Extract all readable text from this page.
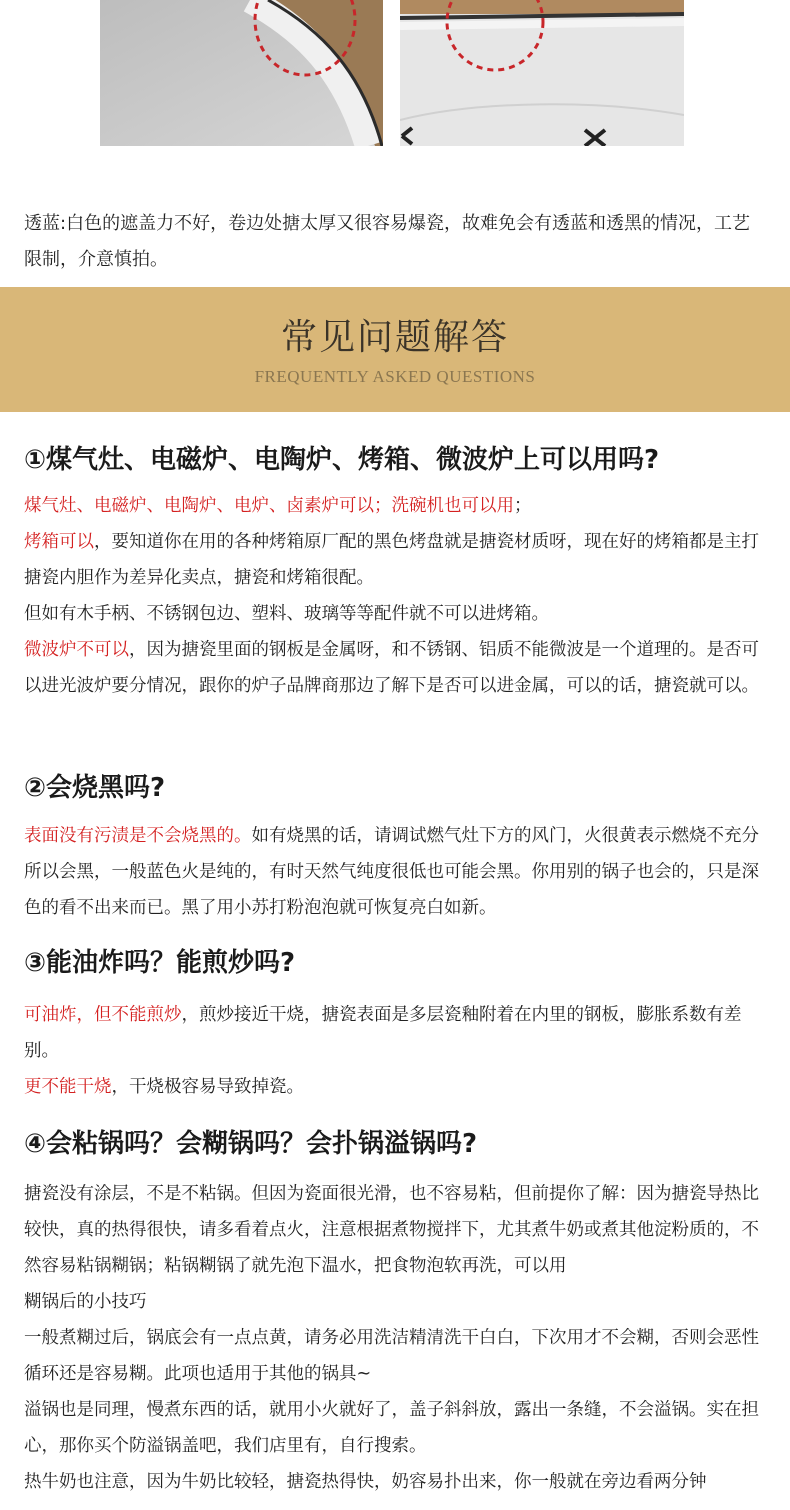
透蓝:白色的遮盖力不好，卷边处搪太厚又很容易爆瓷，故难免会有透蓝和透黑的情况，工艺限制，介意慎拍。

常见问题解答
FREQUENTLY ASKED QUESTIONS

①煤气灶、电磁炉、电陶炉、烤箱、微波炉上可以用吗?

煤气灶、电磁炉、电陶炉、电炉、卤素炉可以；洗碗机也可以用；

烤箱可以，要知道你在用的各种烤箱原厂配的黑色烤盘就是搪瓷材质呀，现在好的烤箱都是主打搪瓷内胆作为差异化卖点，搪瓷和烤箱很配。

但如有木手柄、不锈钢包边、塑料、玻璃等等配件就不可以进烤箱。

微波炉不可以，因为搪瓷里面的钢板是金属呀，和不锈钢、铝质不能微波是一个道理的。是否可以进光波炉要分情况，跟你的炉子品牌商那边了解下是否可以进金属，可以的话，搪瓷就可以。

②会烧黑吗?

表面没有污渍是不会烧黑的。如有烧黑的话，请调试燃气灶下方的风门，火很黄表示燃烧不充分所以会黑，一般蓝色火是纯的，有时天然气纯度很低也可能会黑。你用别的锅子也会的，只是深色的看不出来而已。黑了用小苏打粉泡泡就可恢复亮白如新。

③能油炸吗？能煎炒吗?

可油炸，但不能煎炒，煎炒接近干烧，搪瓷表面是多层瓷釉附着在内里的钢板，膨胀系数有差别。

更不能干烧，干烧极容易导致掉瓷。

④会粘锅吗？会糊锅吗？会扑锅溢锅吗?

搪瓷没有涂层，不是不粘锅。但因为瓷面很光滑，也不容易粘，但前提你了解：因为搪瓷导热比较快，真的热得很快，请多看着点火，注意根据煮物搅拌下，尤其煮牛奶或煮其他淀粉质的，不然容易粘锅糊锅；粘锅糊锅了就先泡下温水，把食物泡软再洗，可以用

糊锅后的小技巧

一般煮糊过后，锅底会有一点点黄，请务必用洗洁精清洗干白白，下次用才不会糊，否则会恶性循环还是容易糊。此项也适用于其他的锅具~

溢锅也是同理，慢煮东西的话，就用小火就好了，盖子斜斜放，露出一条缝，不会溢锅。实在担心，那你买个防溢锅盖吧，我们店里有，自行搜索。

热牛奶也注意，因为牛奶比较轻，搪瓷热得快，奶容易扑出来，你一般就在旁边看两分钟
